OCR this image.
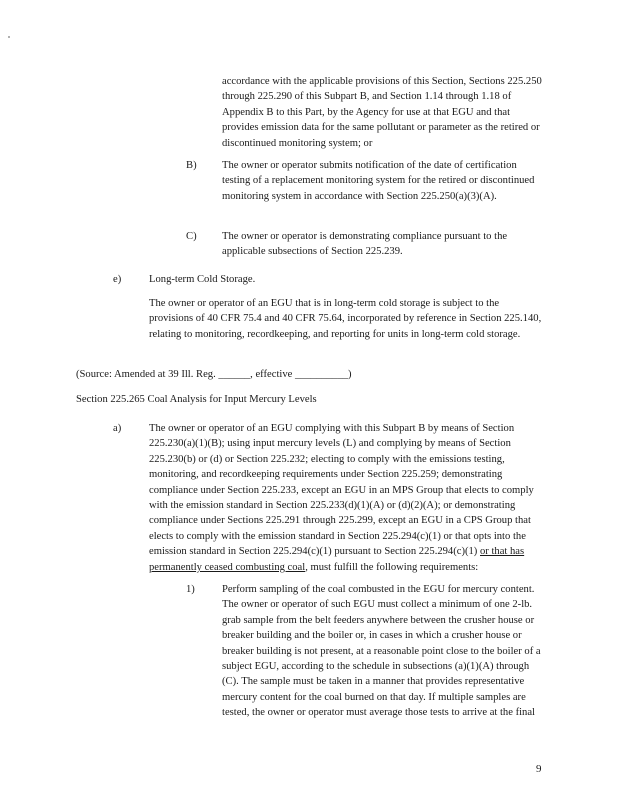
accordance with the applicable provisions of this Section, Sections 225.250 through 225.290 of this Subpart B, and Section 1.14 through 1.18 of Appendix B to this Part, by the Agency for use at that EGU and that provides emission data for the same pollutant or parameter as the retired or discontinued monitoring system; or

B) The owner or operator submits notification of the date of certification testing of a replacement monitoring system for the retired or discontinued monitoring system in accordance with Section 225.250(a)(3)(A).

C) The owner or operator is demonstrating compliance pursuant to the applicable subsections of Section 225.239.

e)	Long-term Cold Storage.

The owner or operator of an EGU that is in long-term cold storage is subject to the provisions of 40 CFR 75.4 and 40 CFR 75.64, incorporated by reference in Section 225.140, relating to monitoring, recordkeeping, and reporting for units in long-term cold storage.

(Source: Amended at 39 Ill. Reg. ______, effective __________)

Section 225.265 Coal Analysis for Input Mercury Levels

a)	The owner or operator of an EGU complying with this Subpart B by means of Section 225.230(a)(1)(B); using input mercury levels (L) and complying by means of Section 225.230(b) or (d) or Section 225.232; electing to comply with the emissions testing, monitoring, and recordkeeping requirements under Section 225.259; demonstrating compliance under Section 225.233, except an EGU in an MPS Group that elects to comply with the emission standard in Section 225.233(d)(1)(A) or (d)(2)(A); or demonstrating compliance under Sections 225.291 through 225.299, except an EGU in a CPS Group that elects to comply with the emission standard in Section 225.294(c)(1) or that opts into the emission standard in Section 225.294(c)(1) pursuant to Section 225.294(c)(1) or that has permanently ceased combusting coal, must fulfill the following requirements:

1)	Perform sampling of the coal combusted in the EGU for mercury content. The owner or operator of such EGU must collect a minimum of one 2-lb. grab sample from the belt feeders anywhere between the crusher house or breaker building and the boiler or, in cases in which a crusher house or breaker building is not present, at a reasonable point close to the boiler of a subject EGU, according to the schedule in subsections (a)(1)(A) through (C). The sample must be taken in a manner that provides representative mercury content for the coal burned on that day. If multiple samples are tested, the owner or operator must average those tests to arrive at the final

9
